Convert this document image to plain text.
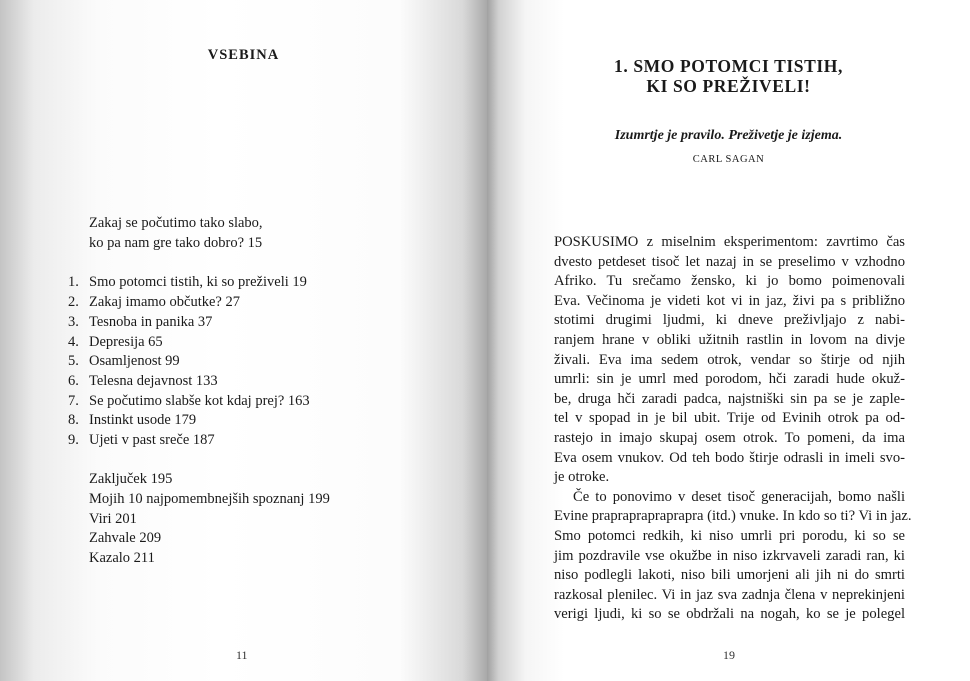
VSEBINA
Zakaj se počutimo tako slabo,
ko pa nam gre tako dobro? 15
1. Smo potomci tistih, ki so preživeli 19
2. Zakaj imamo občutke? 27
3. Tesnoba in panika 37
4. Depresija 65
5. Osamljenost 99
6. Telesna dejavnost 133
7. Se počutimo slabše kot kdaj prej? 163
8. Instinkt usode 179
9. Ujeti v past sreče 187
Zaključek 195
Mojih 10 najpomembnejših spoznanj 199
Viri 201
Zahvale 209
Kazalo 211
11
1. SMO POTOMCI TISTIH,
KI SO PREŽIVELI!
Izumrtje je pravilo. Preživetje je izjema.
CARL SAGAN
POSKUSIMO z miselnim eksperimentom: zavrtimo čas
dvesto petdeset tisoč let nazaj in se preselimo v vzhodno
Afriko. Tu srečamo žensko, ki jo bomo poimenovali
Eva. Večinoma je videti kot vi in jaz, živi pa s približno
stotimi drugimi ljudmi, ki dneve preživljajo z nabi-
ranjem hrane v obliki užitnih rastlin in lovom na divje
živali. Eva ima sedem otrok, vendar so štirje od njih
umrli: sin je umrl med porodom, hči zaradi hude okuž-
be, druga hči zaradi padca, najstniški sin pa se je zaple-
tel v spopad in je bil ubit. Trije od Evinih otrok pa od-
rastejo in imajo skupaj osem otrok. To pomeni, da ima
Eva osem vnukov. Od teh bodo štirje odrasli in imeli svo-
je otroke.
Če to ponovimo v deset tisoč generacijah, bomo našli
Evine prapraprapraprapra (itd.) vnuke. In kdo so ti? Vi in jaz.
Smo potomci redkih, ki niso umrli pri porodu, ki so se
jim pozdravile vse okužbe in niso izkrvaveli zaradi ran, ki
niso podlegli lakoti, niso bili umorjeni ali jih ni do smrti
razkosal plenilec. Vi in jaz sva zadnja člena v neprekinjeni
verigi ljudi, ki so se obdržali na nogah, ko se je polegel
19
